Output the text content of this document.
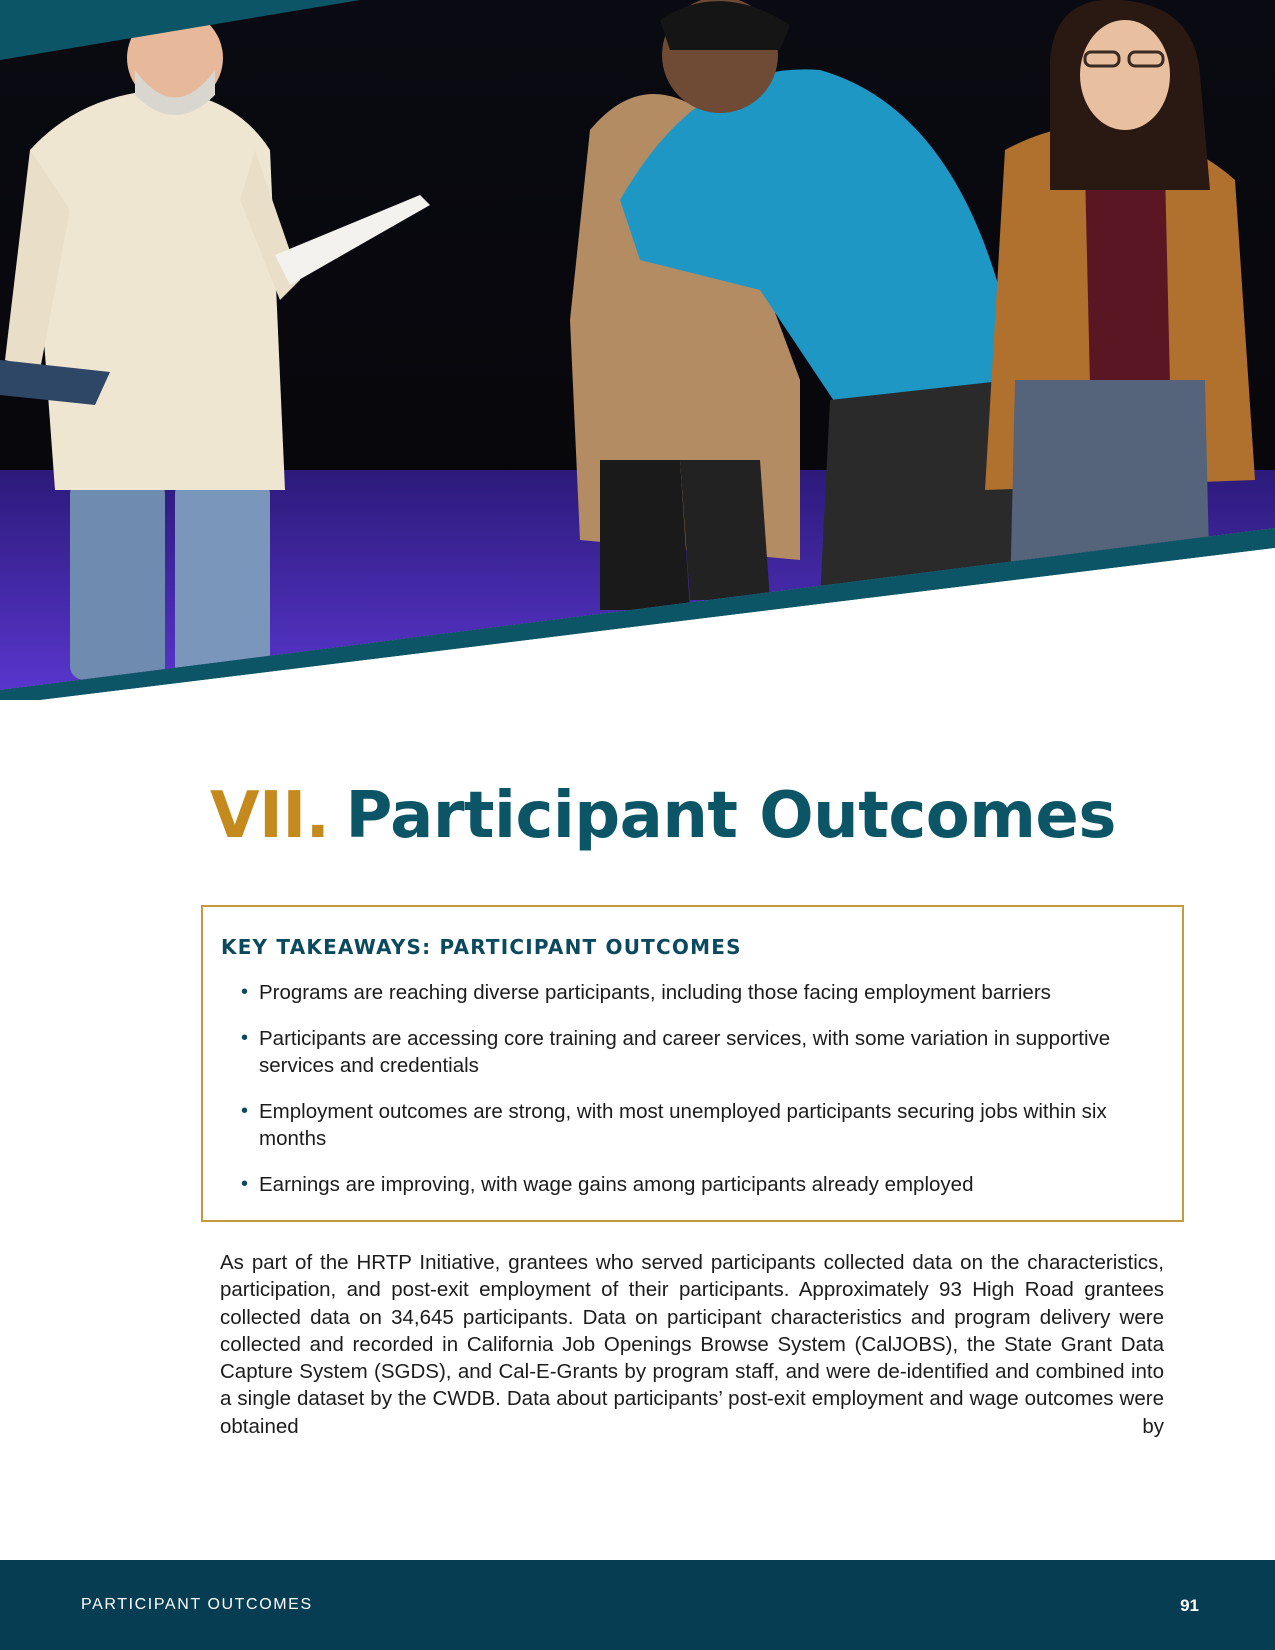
VII. Participant Outcomes

KEY TAKEAWAYS: PARTICIPANT OUTCOMES

• Programs are reaching diverse participants, including those facing employment barriers
• Participants are accessing core training and career services, with some variation in supportive services and credentials
• Employment outcomes are strong, with most unemployed participants securing jobs within six months
• Earnings are improving, with wage gains among participants already employed

As part of the HRTP Initiative, grantees who served participants collected data on the characteristics, participation, and post-exit employment of their participants. Approximately 93 High Road grantees collected data on 34,645 participants. Data on participant characteristics and program delivery were collected and recorded in California Job Openings Browse System (CalJOBS), the State Grant Data Capture System (SGDS), and Cal-E-Grants by program staff, and were de-identified and combined into a single dataset by the CWDB. Data about participants’ post-exit employment and wage outcomes were obtained by

PARTICIPANT OUTCOMES	91
